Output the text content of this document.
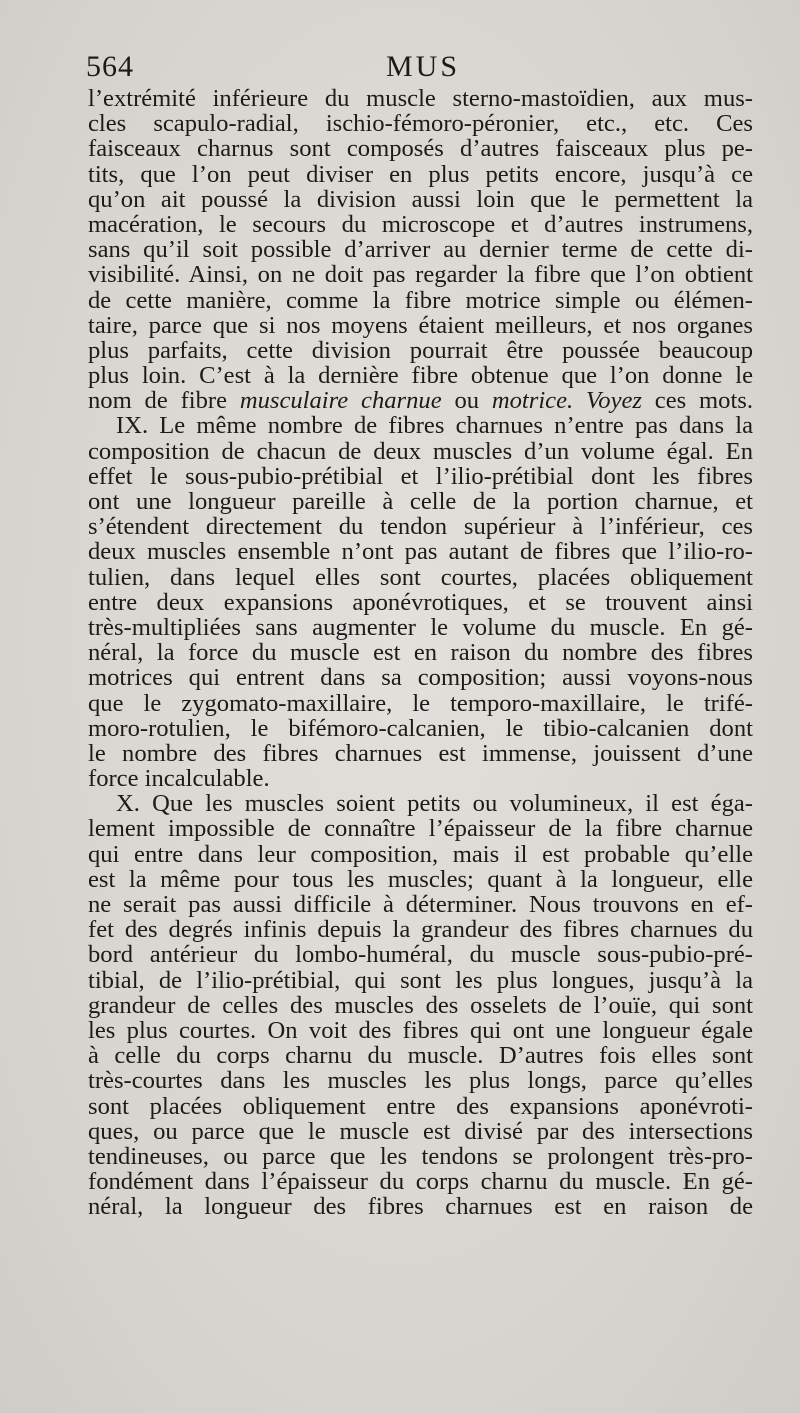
564	MUS
l’extrémité inférieure du muscle sterno-mastoïdien, aux mus-
cles scapulo-radial, ischio-fémoro-péronier, etc., etc. Ces
faisceaux charnus sont composés d’autres faisceaux plus pe-
tits, que l’on peut diviser en plus petits encore, jusqu’à ce
qu’on ait poussé la division aussi loin que le permettent la
macération, le secours du microscope et d’autres instrumens,
sans qu’il soit possible d’arriver au dernier terme de cette di-
visibilité. Ainsi, on ne doit pas regarder la fibre que l’on obtient
de cette manière, comme la fibre motrice simple ou élémen-
taire, parce que si nos moyens étaient meilleurs, et nos organes
plus parfaits, cette division pourrait être poussée beaucoup
plus loin. C’est à la dernière fibre obtenue que l’on donne le
nom de fibre musculaire charnue ou motrice. Voyez ces mots.
IX. Le même nombre de fibres charnues n’entre pas dans la
composition de chacun de deux muscles d’un volume égal. En
effet le sous-pubio-prétibial et l’ilio-prétibial dont les fibres
ont une longueur pareille à celle de la portion charnue, et
s’étendent directement du tendon supérieur à l’inférieur, ces
deux muscles ensemble n’ont pas autant de fibres que l’ilio-ro-
tulien, dans lequel elles sont courtes, placées obliquement
entre deux expansions aponévrotiques, et se trouvent ainsi
très-multipliées sans augmenter le volume du muscle. En gé-
néral, la force du muscle est en raison du nombre des fibres
motrices qui entrent dans sa composition; aussi voyons-nous
que le zygomato-maxillaire, le temporo-maxillaire, le trifé-
moro-rotulien, le bifémoro-calcanien, le tibio-calcanien dont
le nombre des fibres charnues est immense, jouissent d’une
force incalculable.
X. Que les muscles soient petits ou volumineux, il est éga-
lement impossible de connaître l’épaisseur de la fibre charnue
qui entre dans leur composition, mais il est probable qu’elle
est la même pour tous les muscles; quant à la longueur, elle
ne serait pas aussi difficile à déterminer. Nous trouvons en ef-
fet des degrés infinis depuis la grandeur des fibres charnues du
bord antérieur du lombo-huméral, du muscle sous-pubio-pré-
tibial, de l’ilio-prétibial, qui sont les plus longues, jusqu’à la
grandeur de celles des muscles des osselets de l’ouïe, qui sont
les plus courtes. On voit des fibres qui ont une longueur égale
à celle du corps charnu du muscle. D’autres fois elles sont
très-courtes dans les muscles les plus longs, parce qu’elles
sont placées obliquement entre des expansions aponévroti-
ques, ou parce que le muscle est divisé par des intersections
tendineuses, ou parce que les tendons se prolongent très-pro-
fondément dans l’épaisseur du corps charnu du muscle. En gé-
néral, la longueur des fibres charnues est en raison de
